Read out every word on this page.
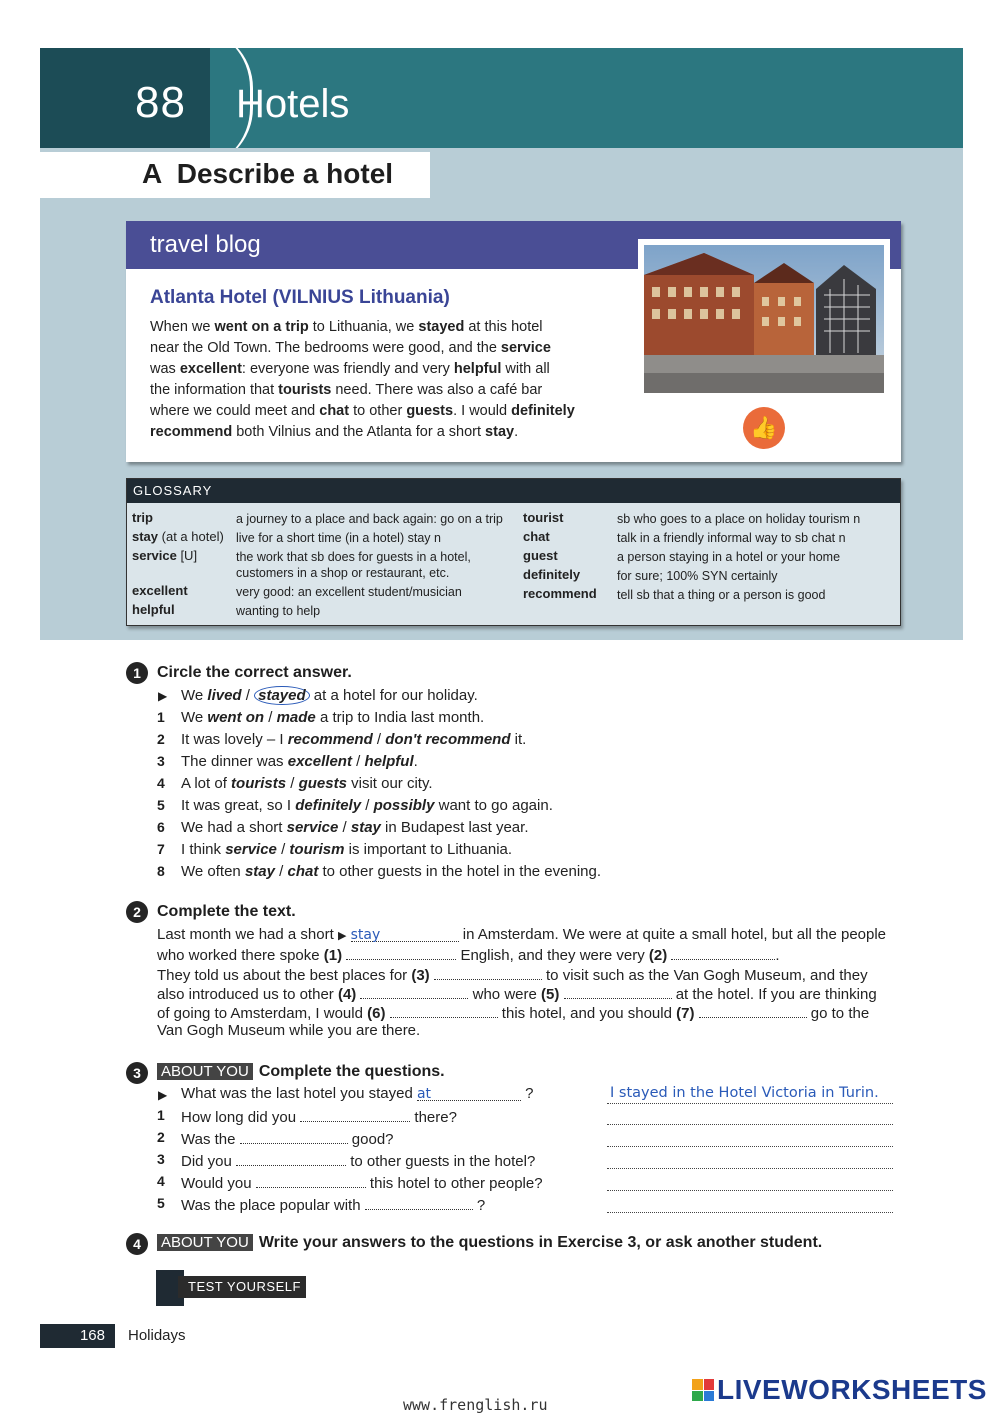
88 Hotels
A  Describe a hotel
travel blog
Atlanta Hotel (VILNIUS Lithuania)
When we went on a trip to Lithuania, we stayed at this hotel
near the Old Town. The bedrooms were good, and the service
was excellent: everyone was friendly and very helpful with all
the information that tourists need. There was also a café bar
where we could meet and chat to other guests. I would definitely
recommend both Vilnius and the Atlanta for a short stay.	👍
GLOSSARY
trip	a journey to a place and back again: go on a trip
stay (at a hotel) live for a short time (in a hotel) stay n
service [U]	the work that sb does for guests in a hotel,
customers in a shop or restaurant, etc.
excellent	very good: an excellent student/musician
helpful	wanting to help
tourist	sb who goes to a place on holiday tourism n
chat	talk in a friendly informal way to sb chat n
guest	a person staying in a hotel or your home
definitely	for sure; 100% SYN certainly
recommend tell sb that a thing or a person is good
1	Circle the correct answer.
▶ We lived / stayed at a hotel for our holiday.
1 We went on / made a trip to India last month.
2 It was lovely – I recommend / don't recommend it.
3 The dinner was excellent / helpful.
4 A lot of tourists / guests visit our city.
5 It was great, so I definitely / possibly want to go again.
6 We had a short service / stay in Budapest last year.
7 I think service / tourism is important to Lithuania.
8 We often stay / chat to other guests in the hotel in the evening.
2	Complete the text.
Last month we had a short ▶ stay	in Amsterdam. We were at quite a small hotel, but all the people
who worked there spoke (1)	English, and they were very (2)	.
They told us about the best places for (3)	to visit such as the Van Gogh Museum, and they
also introduced us to other (4)	who were (5)	at the hotel. If you are thinking
of going to Amsterdam, I would (6)	this hotel, and you should (7)	go to the
Van Gogh Museum while you are there.
3	ABOUT YOU Complete the questions.
▶ What was the last hotel you stayed at	?	I stayed in the Hotel Victoria in Turin.
1 How long did you	there?
2 Was the	good?
3 Did you	to other guests in the hotel?
4 Would you	this hotel to other people?
5 Was the place popular with	?
4	ABOUT YOU Write your answers to the questions in Exercise 3, or ask another student.
TEST YOURSELF
168	Holidays
www.frenglish.ru	LIVEWORKSHEETS
